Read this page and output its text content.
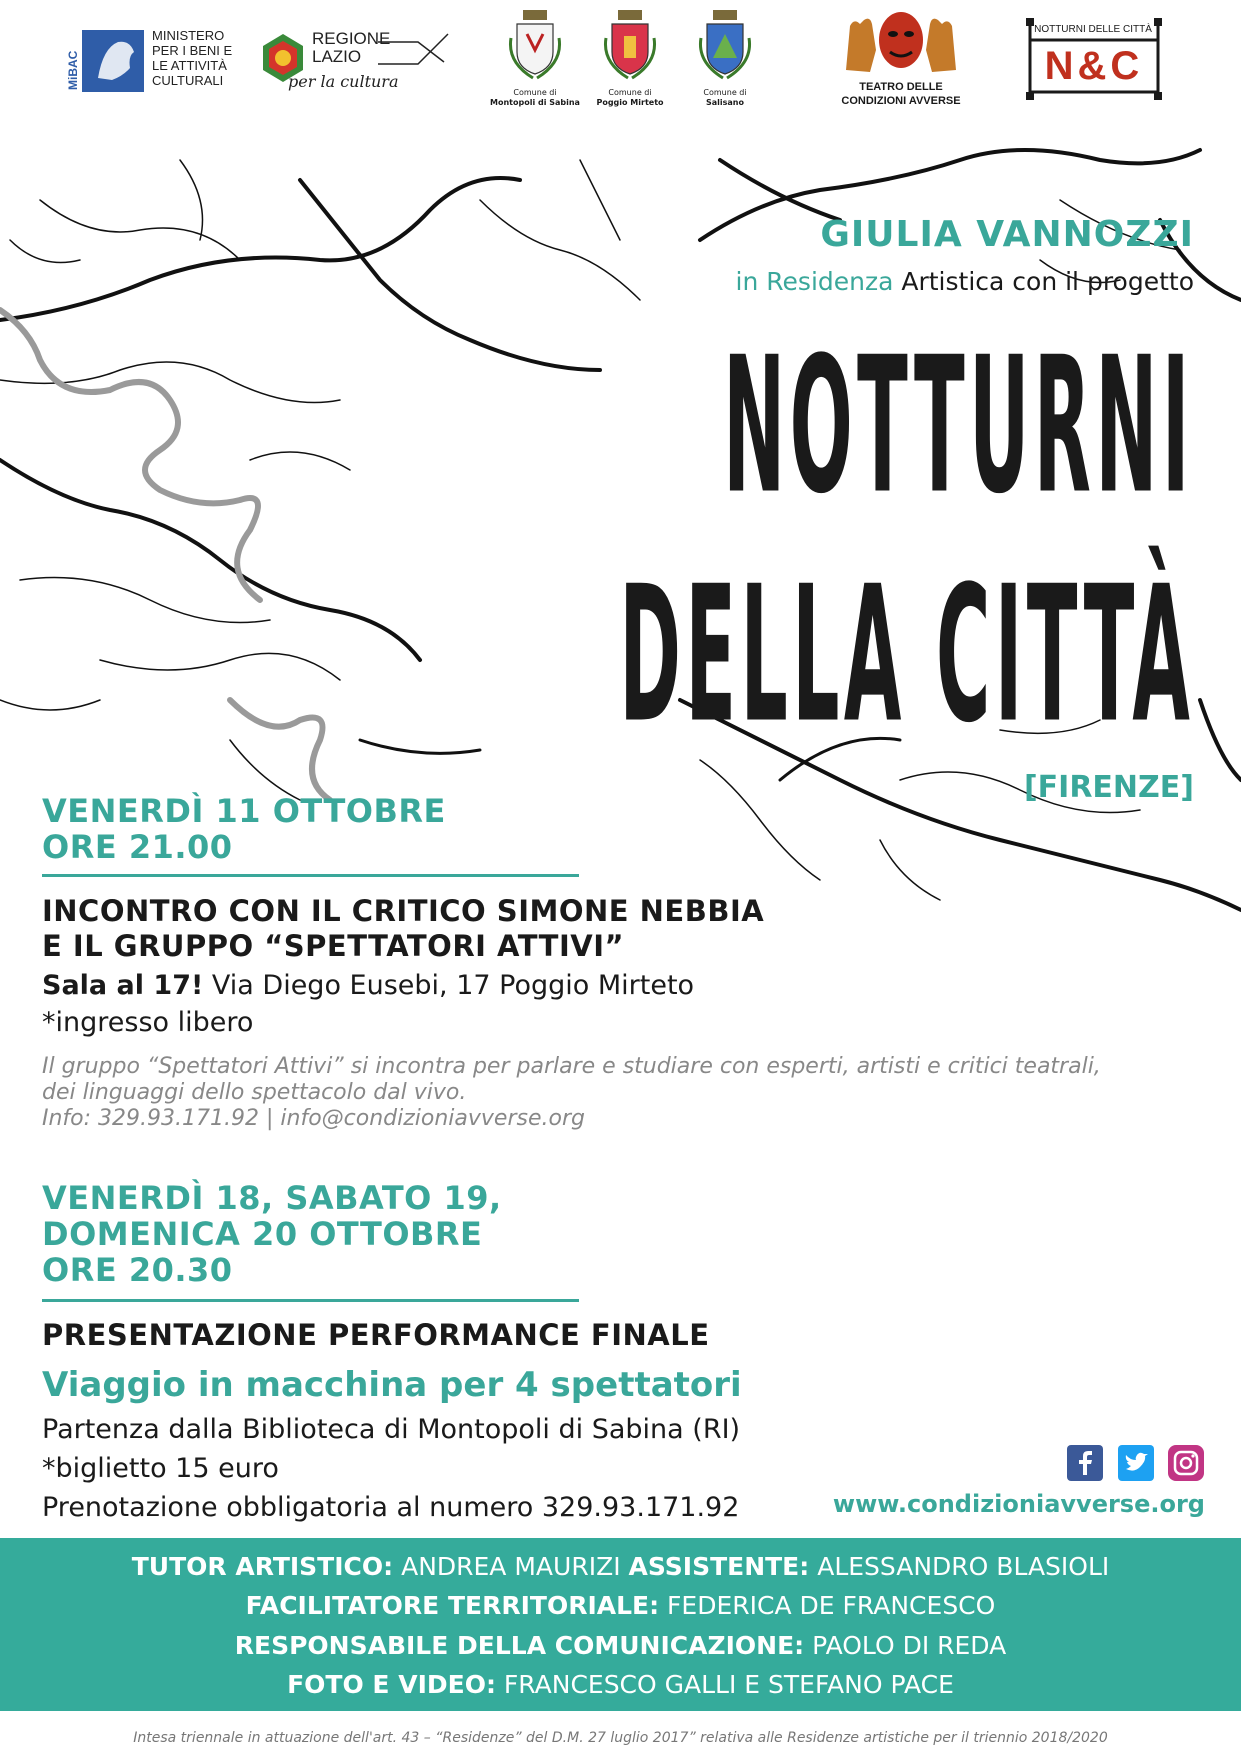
MiBAC
MINISTERO
PER I BENI E
LE ATTIVITÀ
CULTURALI
REGIONE
LAZIO
per la cultura
Comune di
Montopoli di Sabina
Comune di
Poggio Mirteto
Comune di
Salisano
TEATRO DELLE
CONDIZIONI AVVERSE
NOTTURNI DELLE CITTÀ
N&C
GIULIA VANNOZZI
in Residenza Artistica con il progetto
NOTTURNI
DELLA CITTÀ
[FIRENZE]
VENERDÌ 11 OTTOBRE
ORE 21.00
INCONTRO CON IL CRITICO SIMONE NEBBIA
E IL GRUPPO “SPETTATORI ATTIVI”
Sala al 17! Via Diego Eusebi, 17 Poggio Mirteto
*ingresso libero
Il gruppo “Spettatori Attivi” si incontra per parlare e studiare con esperti, artisti e critici teatrali,
dei linguaggi dello spettacolo dal vivo.
Info: 329.93.171.92 | info@condizioniavverse.org
VENERDÌ 18, SABATO 19,
DOMENICA 20 OTTOBRE
ORE 20.30
PRESENTAZIONE PERFORMANCE FINALE
Viaggio in macchina per 4 spettatori
Partenza dalla Biblioteca di Montopoli di Sabina (RI)
*biglietto 15 euro
Prenotazione obbligatoria al numero 329.93.171.92	www.condizioniavverse.org
TUTOR ARTISTICO: ANDREA MAURIZI ASSISTENTE: ALESSANDRO BLASIOLI
FACILITATORE TERRITORIALE: FEDERICA DE FRANCESCO
RESPONSABILE DELLA COMUNICAZIONE: PAOLO DI REDA
FOTO E VIDEO: FRANCESCO GALLI E STEFANO PACE
Intesa triennale in attuazione dell'art. 43 – “Residenze” del D.M. 27 luglio 2017” relativa alle Residenze artistiche per il triennio 2018/2020
